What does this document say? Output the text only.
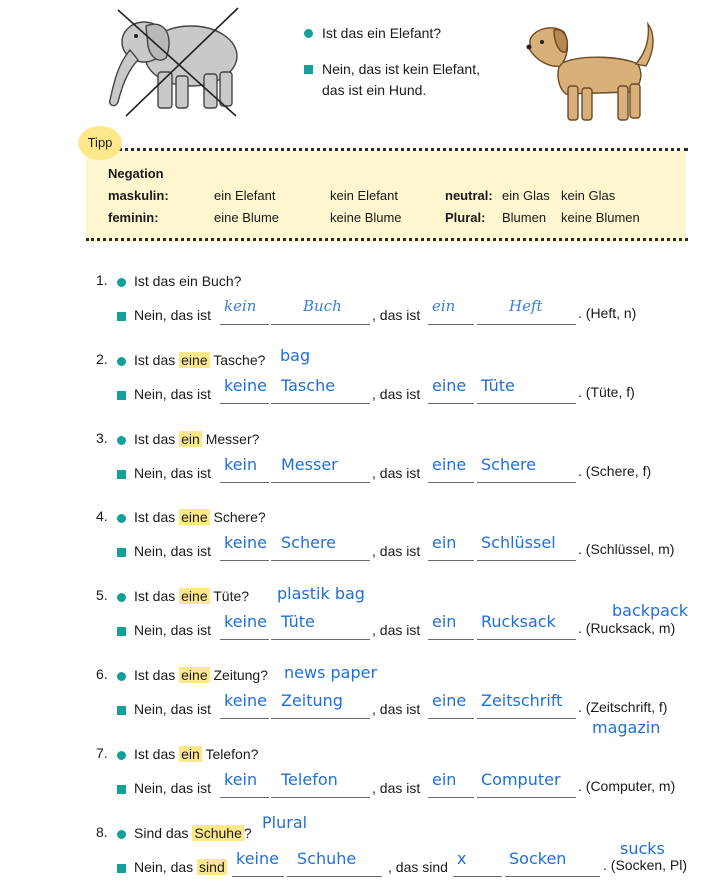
Ist das ein Elefant?
Nein, das ist kein Elefant,
das ist ein Hund.
Tipp
Negation
maskulin:	ein Elefant	kein Elefant	neutral: ein Glas kein Glas
feminin:	eine Blume	keine Blume	Plural: Blumen keine Blumen
1.	Ist das ein Buch?
Nein, das ist	, das ist	. (Heft, n)
kein	Buch	ein	Heft
2.	Ist das eine Tasche?
Nein, das ist	, das ist	. (Tüte, f)
keine Tasche	eine Tüte
bag
3.	Ist das ein Messer?
Nein, das ist	, das ist	. (Schere, f)
kein Messer	eine Schere
4.	Ist das eine Schere?
Nein, das ist	, das ist	. (Schlüssel, m)
keine Schere	ein Schlüssel
5.	Ist das eine Tüte?
Nein, das ist	, das ist	. (Rucksack, m)
keine Tüte	ein Rucksack
plastik bag
backpack
6.	Ist das eine Zeitung?
Nein, das ist	, das ist	. (Zeitschrift, f)
keine Zeitung	eine Zeitschrift
news paper
magazin
7.	Ist das ein Telefon?
Nein, das ist	, das ist	. (Computer, m)
kein Telefon	ein Computer
8.	Sind das Schuhe ?
Nein, das sind	, das sind	. (Socken, Pl)
keine Schuhe	x	Socken
Plural
sucks
